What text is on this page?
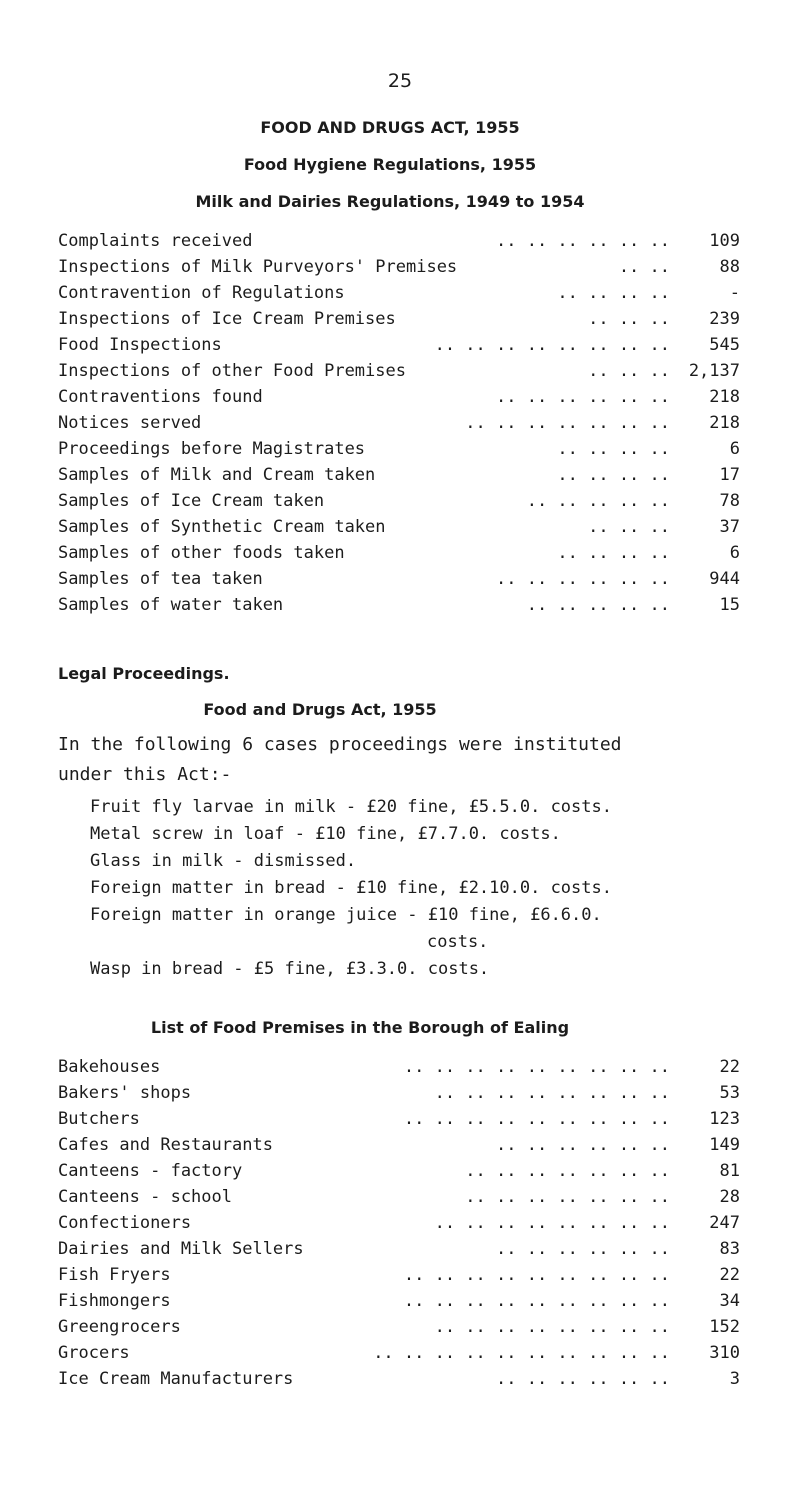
25
FOOD AND DRUGS ACT, 1955
Food Hygiene Regulations, 1955
Milk and Dairies Regulations, 1949 to 1954
Complaints received	.. .. .. .. .. .. 109
Inspections of Milk Purveyors' Premises	.. ..	88
Contravention of Regulations	.. .. .. ..	-
Inspections of Ice Cream Premises	.. .. .. 239
Food Inspections	.. .. .. .. .. .. .. .. 545
Inspections of other Food Premises	.. .. .. 2,137
Contraventions found	.. .. .. .. .. .. 218
Notices served	.. .. .. .. .. .. .. 218
Proceedings before Magistrates	.. .. .. ..	6
Samples of Milk and Cream taken	.. .. .. ..	17
Samples of Ice Cream taken	.. .. .. .. ..	78
Samples of Synthetic Cream taken	.. .. ..	37
Samples of other foods taken	.. .. .. ..	6
Samples of tea taken	.. .. .. .. .. .. 944
Samples of water taken	.. .. .. .. ..	15
Legal Proceedings.
Food and Drugs Act, 1955
In the following 6 cases proceedings were instituted
under this Act:-
Fruit fly larvae in milk - £20 fine, £5.5.0. costs.
Metal screw in loaf - £10 fine, £7.7.0. costs.
Glass in milk - dismissed.
Foreign matter in bread - £10 fine, £2.10.0. costs.
Foreign matter in orange juice - £10 fine, £6.6.0.
costs.
Wasp in bread - £5 fine, £3.3.0. costs.
List of Food Premises in the Borough of Ealing
Bakehouses	.. .. .. .. .. .. .. .. ..	22
Bakers' shops	.. .. .. .. .. .. .. ..	53
Butchers	.. .. .. .. .. .. .. .. .. 123
Cafes and Restaurants	.. .. .. .. .. .. 149
Canteens - factory	.. .. .. .. .. .. ..	81
Canteens - school	.. .. .. .. .. .. ..	28
Confectioners	.. .. .. .. .. .. .. .. 247
Dairies and Milk Sellers	.. .. .. .. .. ..	83
Fish Fryers	.. .. .. .. .. .. .. .. ..	22
Fishmongers	.. .. .. .. .. .. .. .. ..	34
Greengrocers	.. .. .. .. .. .. .. .. 152
Grocers	.. .. .. .. .. .. .. .. .. .. 310
Ice Cream Manufacturers	.. .. .. .. .. ..	3
